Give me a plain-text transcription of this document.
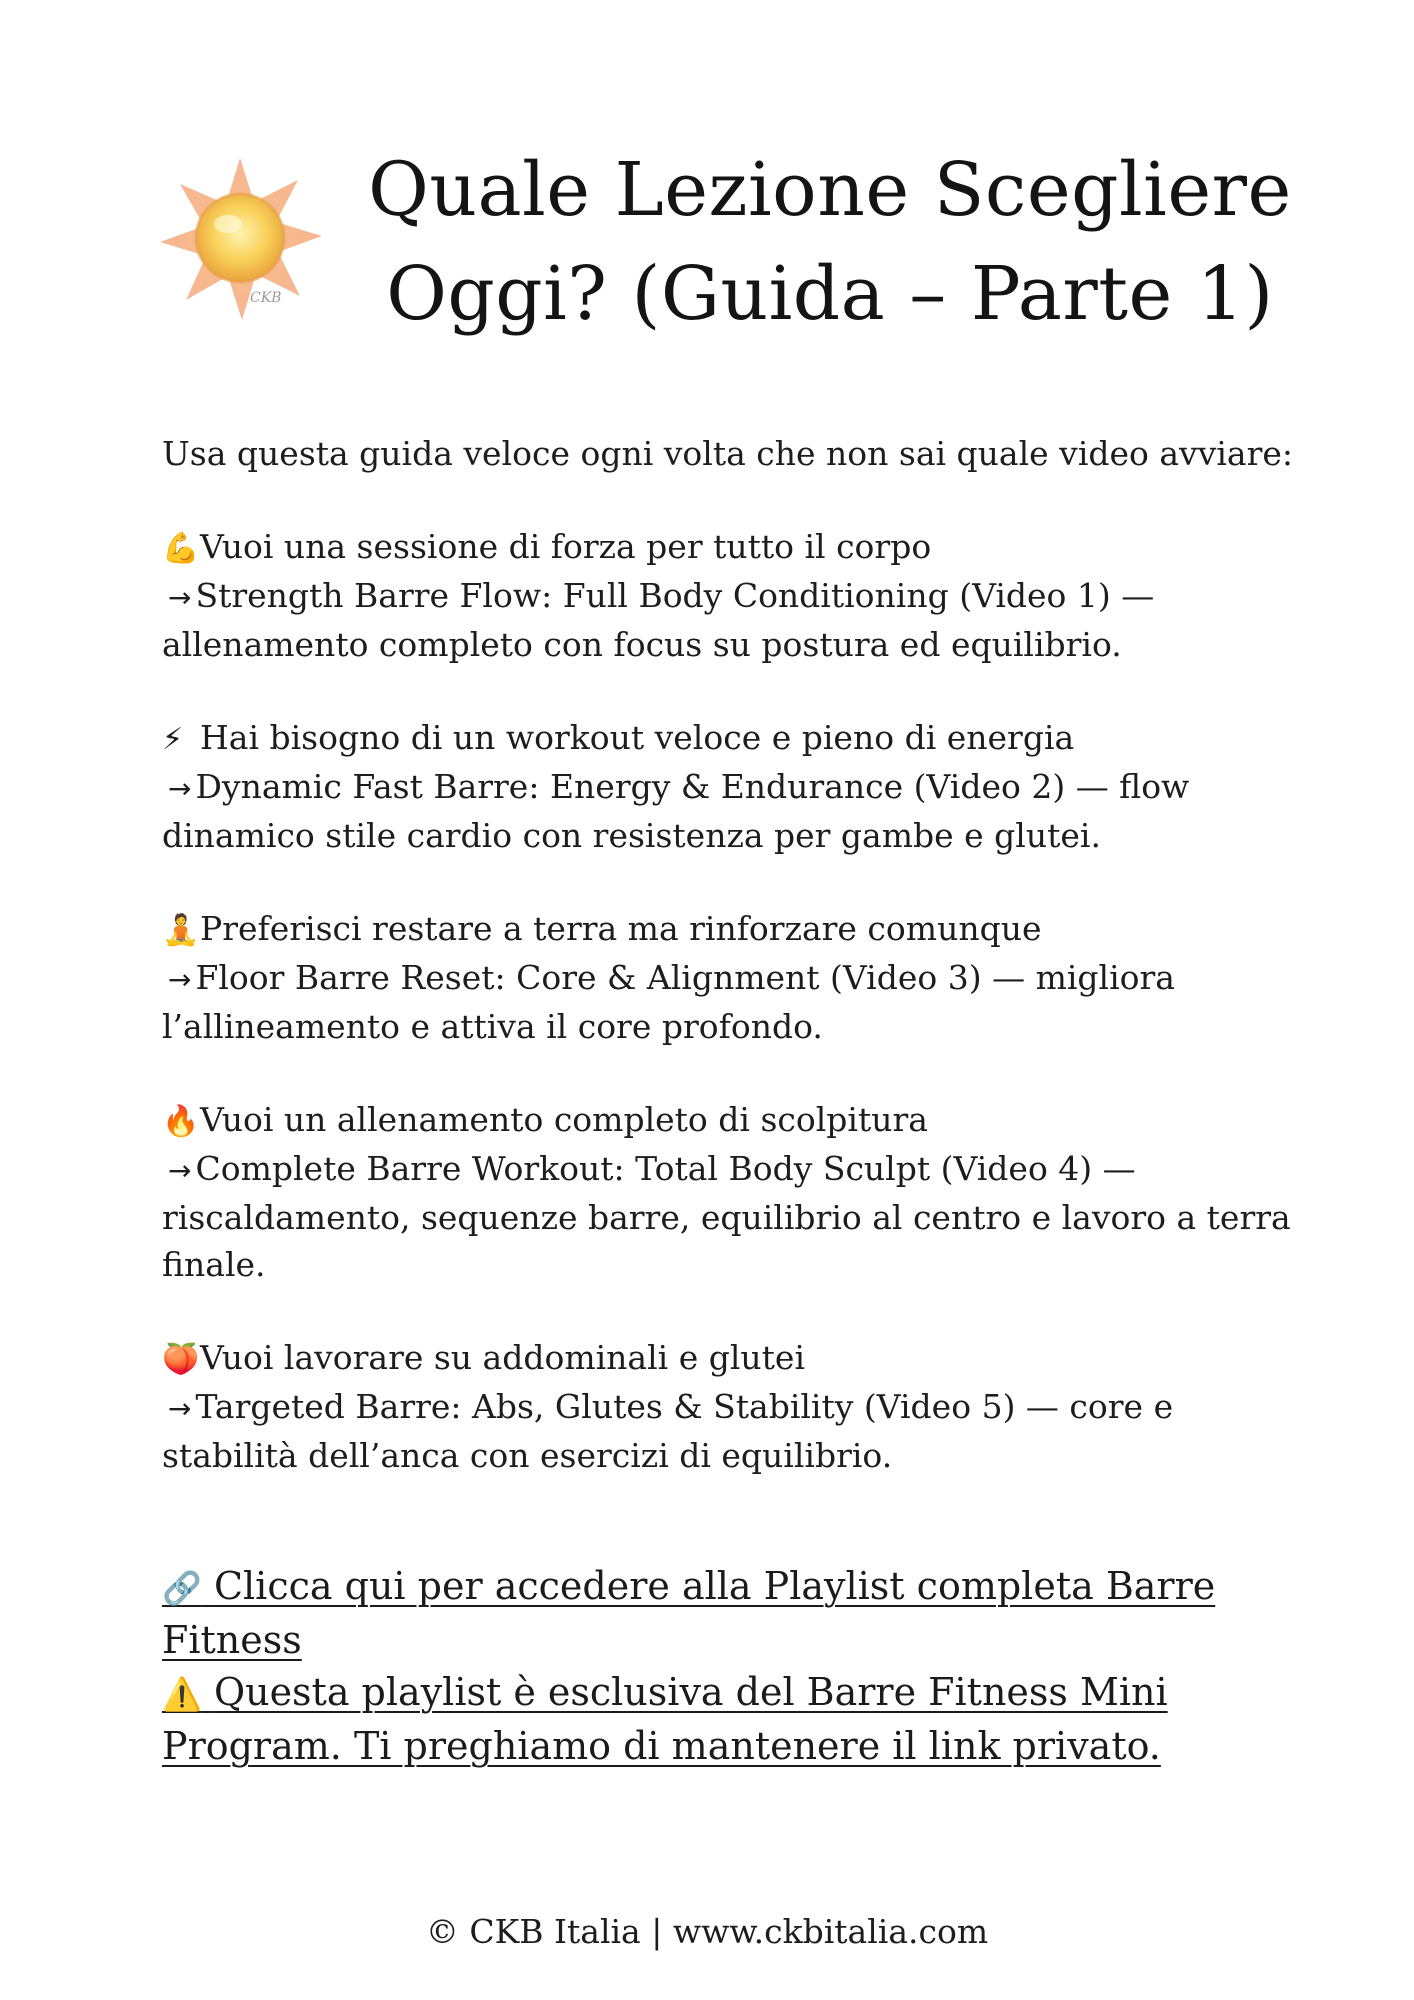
CKB
Quale Lezione Scegliere
Oggi? (Guida – Parte 1)

Usa questa guida veloce ogni volta che non sai quale video avviare:

💪Vuoi una sessione di forza per tutto il corpo

→ Strength Barre Flow: Full Body Conditioning (Video 1) — allenamento completo con focus su postura ed equilibrio.

⚡ Hai bisogno di un workout veloce e pieno di energia

→ Dynamic Fast Barre: Energy & Endurance (Video 2) — flow dinamico stile cardio con resistenza per gambe e glutei.

🧘Preferisci restare a terra ma rinforzare comunque

→ Floor Barre Reset: Core & Alignment (Video 3) — migliora l’allineamento e attiva il core profondo.

🔥Vuoi un allenamento completo di scolpitura

→ Complete Barre Workout: Total Body Sculpt (Video 4) — riscaldamento, sequenze barre, equilibrio al centro e lavoro a terra finale.

🍑Vuoi lavorare su addominali e glutei

→ Targeted Barre: Abs, Glutes & Stability (Video 5) — core e stabilità dell’anca con esercizi di equilibrio.

🔗 Clicca qui per accedere alla Playlist completa Barre Fitness

⚠️ Questa playlist è esclusiva del Barre Fitness Mini Program. Ti preghiamo di mantenere il link privato.

© CKB Italia | www.ckbitalia.com
